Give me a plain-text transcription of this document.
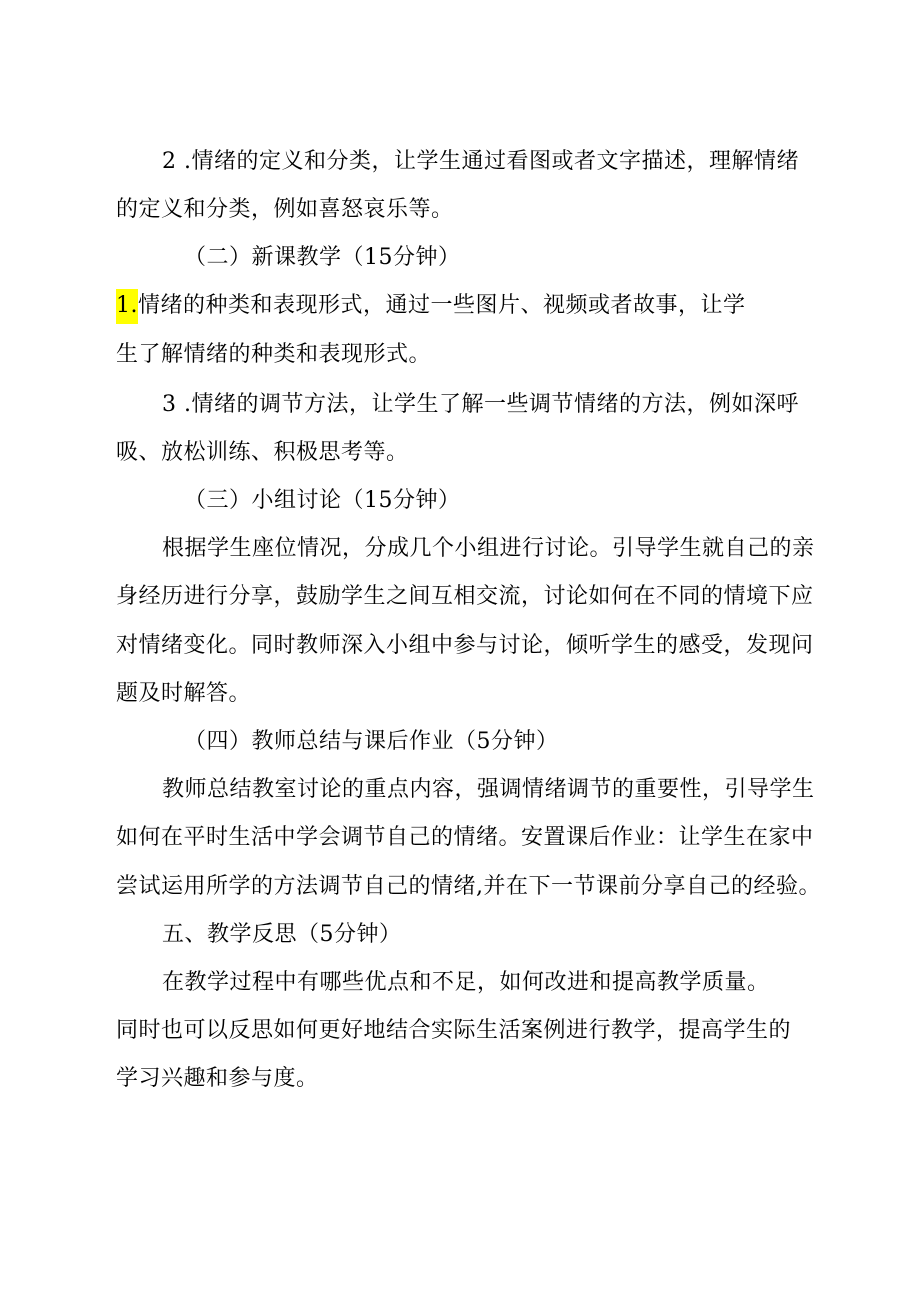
2 .情绪的定义和分类，让学生通过看图或者文字描述，理解情绪
的定义和分类，例如喜怒哀乐等。
（二）新课教学（15分钟）
1.情绪的种类和表现形式，通过一些图片、视频或者故事，让学
生了解情绪的种类和表现形式。
3 .情绪的调节方法，让学生了解一些调节情绪的方法，例如深呼
吸、放松训练、积极思考等。
（三）小组讨论（15分钟）
根据学生座位情况，分成几个小组进行讨论。引导学生就自己的亲
身经历进行分享，鼓励学生之间互相交流，讨论如何在不同的情境下应
对情绪变化。同时教师深入小组中参与讨论，倾听学生的感受，发现问
题及时解答。
（四）教师总结与课后作业（5分钟）
教师总结教室讨论的重点内容，强调情绪调节的重要性，引导学生
如何在平时生活中学会调节自己的情绪。安置课后作业：让学生在家中
尝试运用所学的方法调节自己的情绪,并在下一节课前分享自己的经验。
五、教学反思（5分钟）
在教学过程中有哪些优点和不足，如何改进和提高教学质量。
同时也可以反思如何更好地结合实际生活案例进行教学，提高学生的
学习兴趣和参与度。
